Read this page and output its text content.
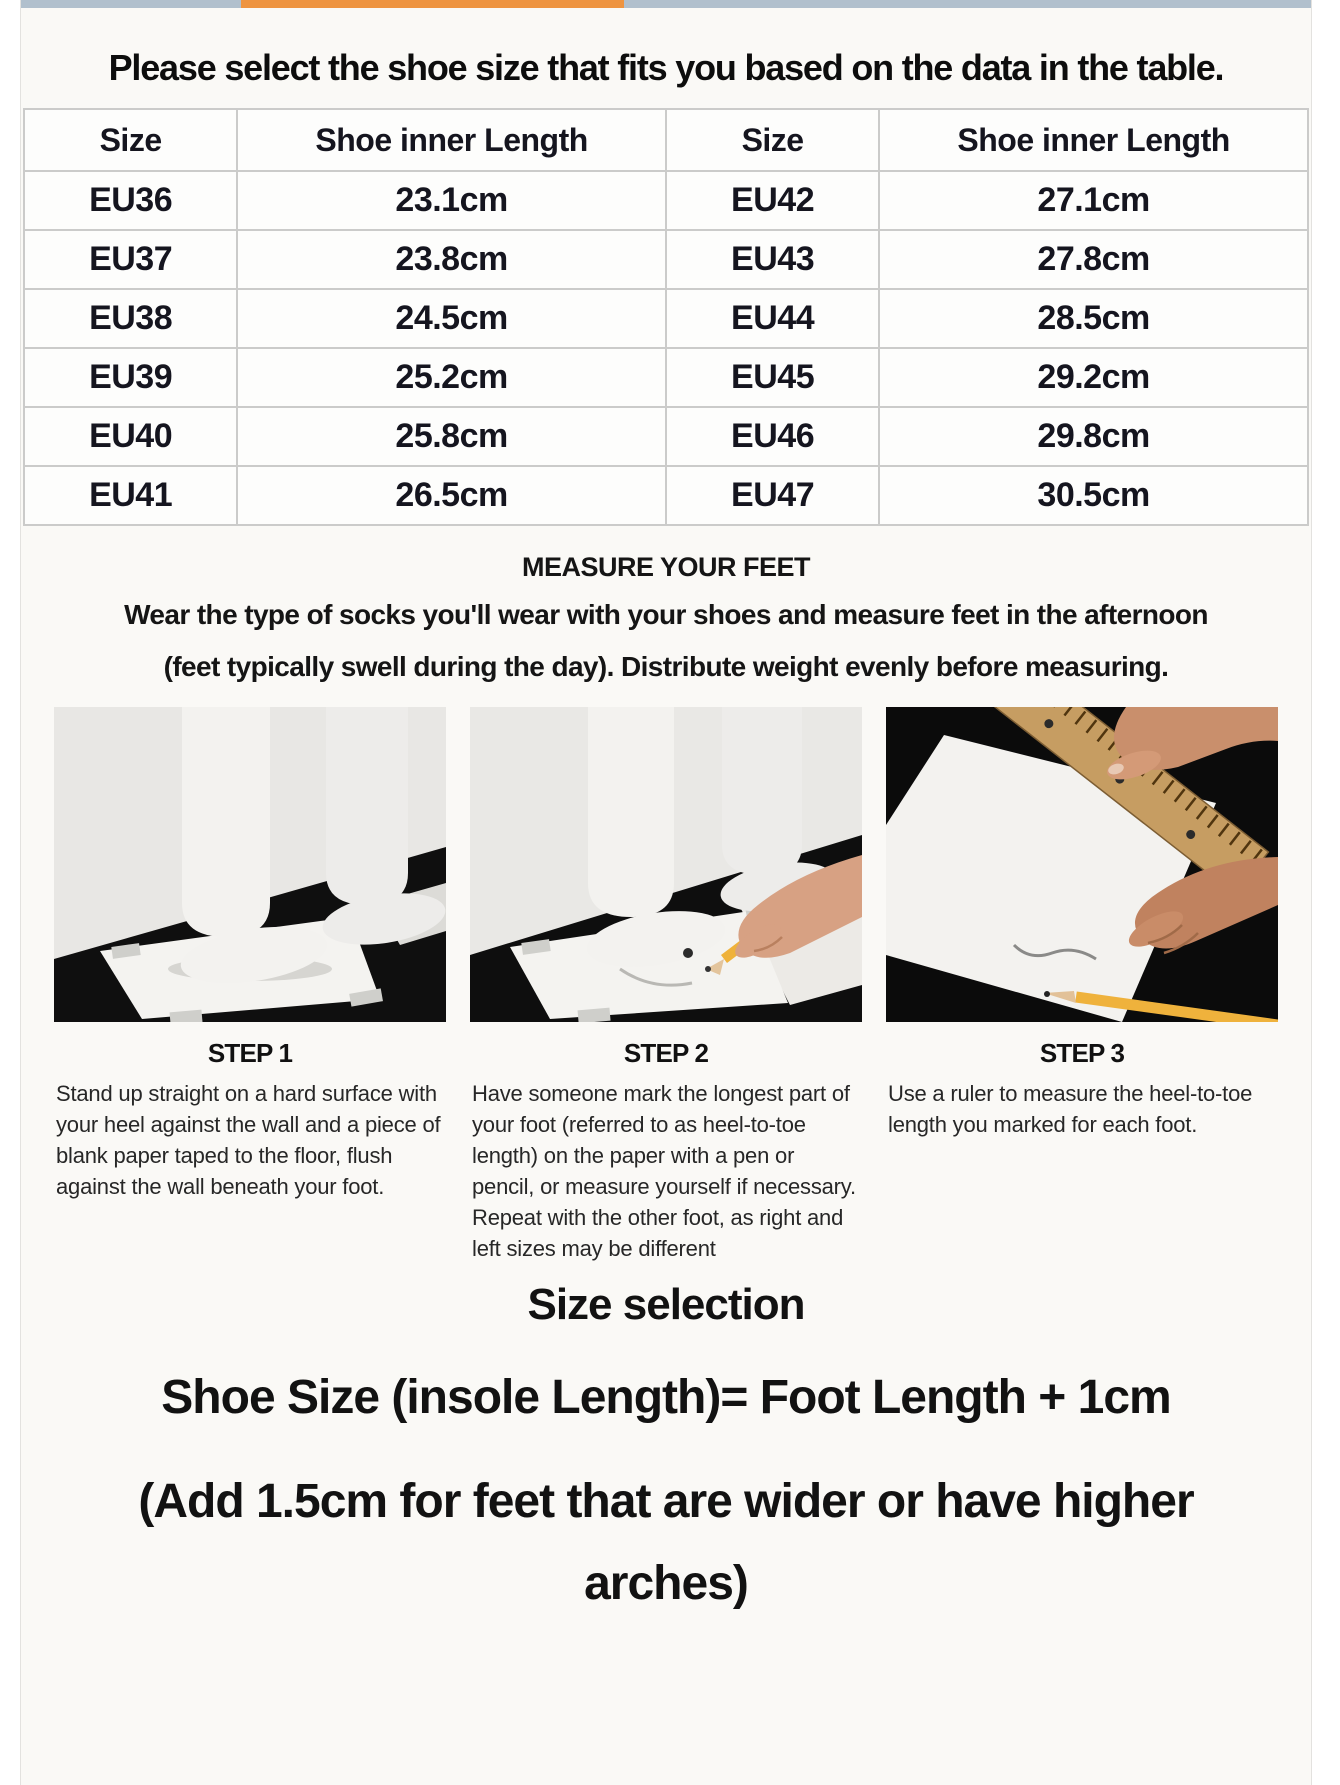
Please select the shoe size that fits you based on the data in the table.
Size	Shoe inner Length	Size	Shoe inner Length
EU36	23.1cm	EU42	27.1cm
EU37	23.8cm	EU43	27.8cm
EU38	24.5cm	EU44	28.5cm
EU39	25.2cm	EU45	29.2cm
EU40	25.8cm	EU46	29.8cm
EU41	26.5cm	EU47	30.5cm
MEASURE YOUR FEET

Wear the type of socks you'll wear with your shoes and measure feet in the afternoon
(feet typically swell during the day). Distribute weight evenly before measuring.

STEP 1

Stand up straight on a hard surface with your heel against the wall and a piece of blank paper taped to the floor, flush against the wall beneath your foot.

STEP 2

Have someone mark the longest part of your foot (referred to as heel-to-toe length) on the paper with a pen or pencil, or measure yourself if necessary. Repeat with the other foot, as right and left sizes may be different

STEP 3

Use a ruler to measure the heel-to-toe length you marked for each foot.

Size selection

Shoe Size (insole Length)= Foot Length + 1cm

(Add 1.5cm for feet that are wider or have higher arches)
